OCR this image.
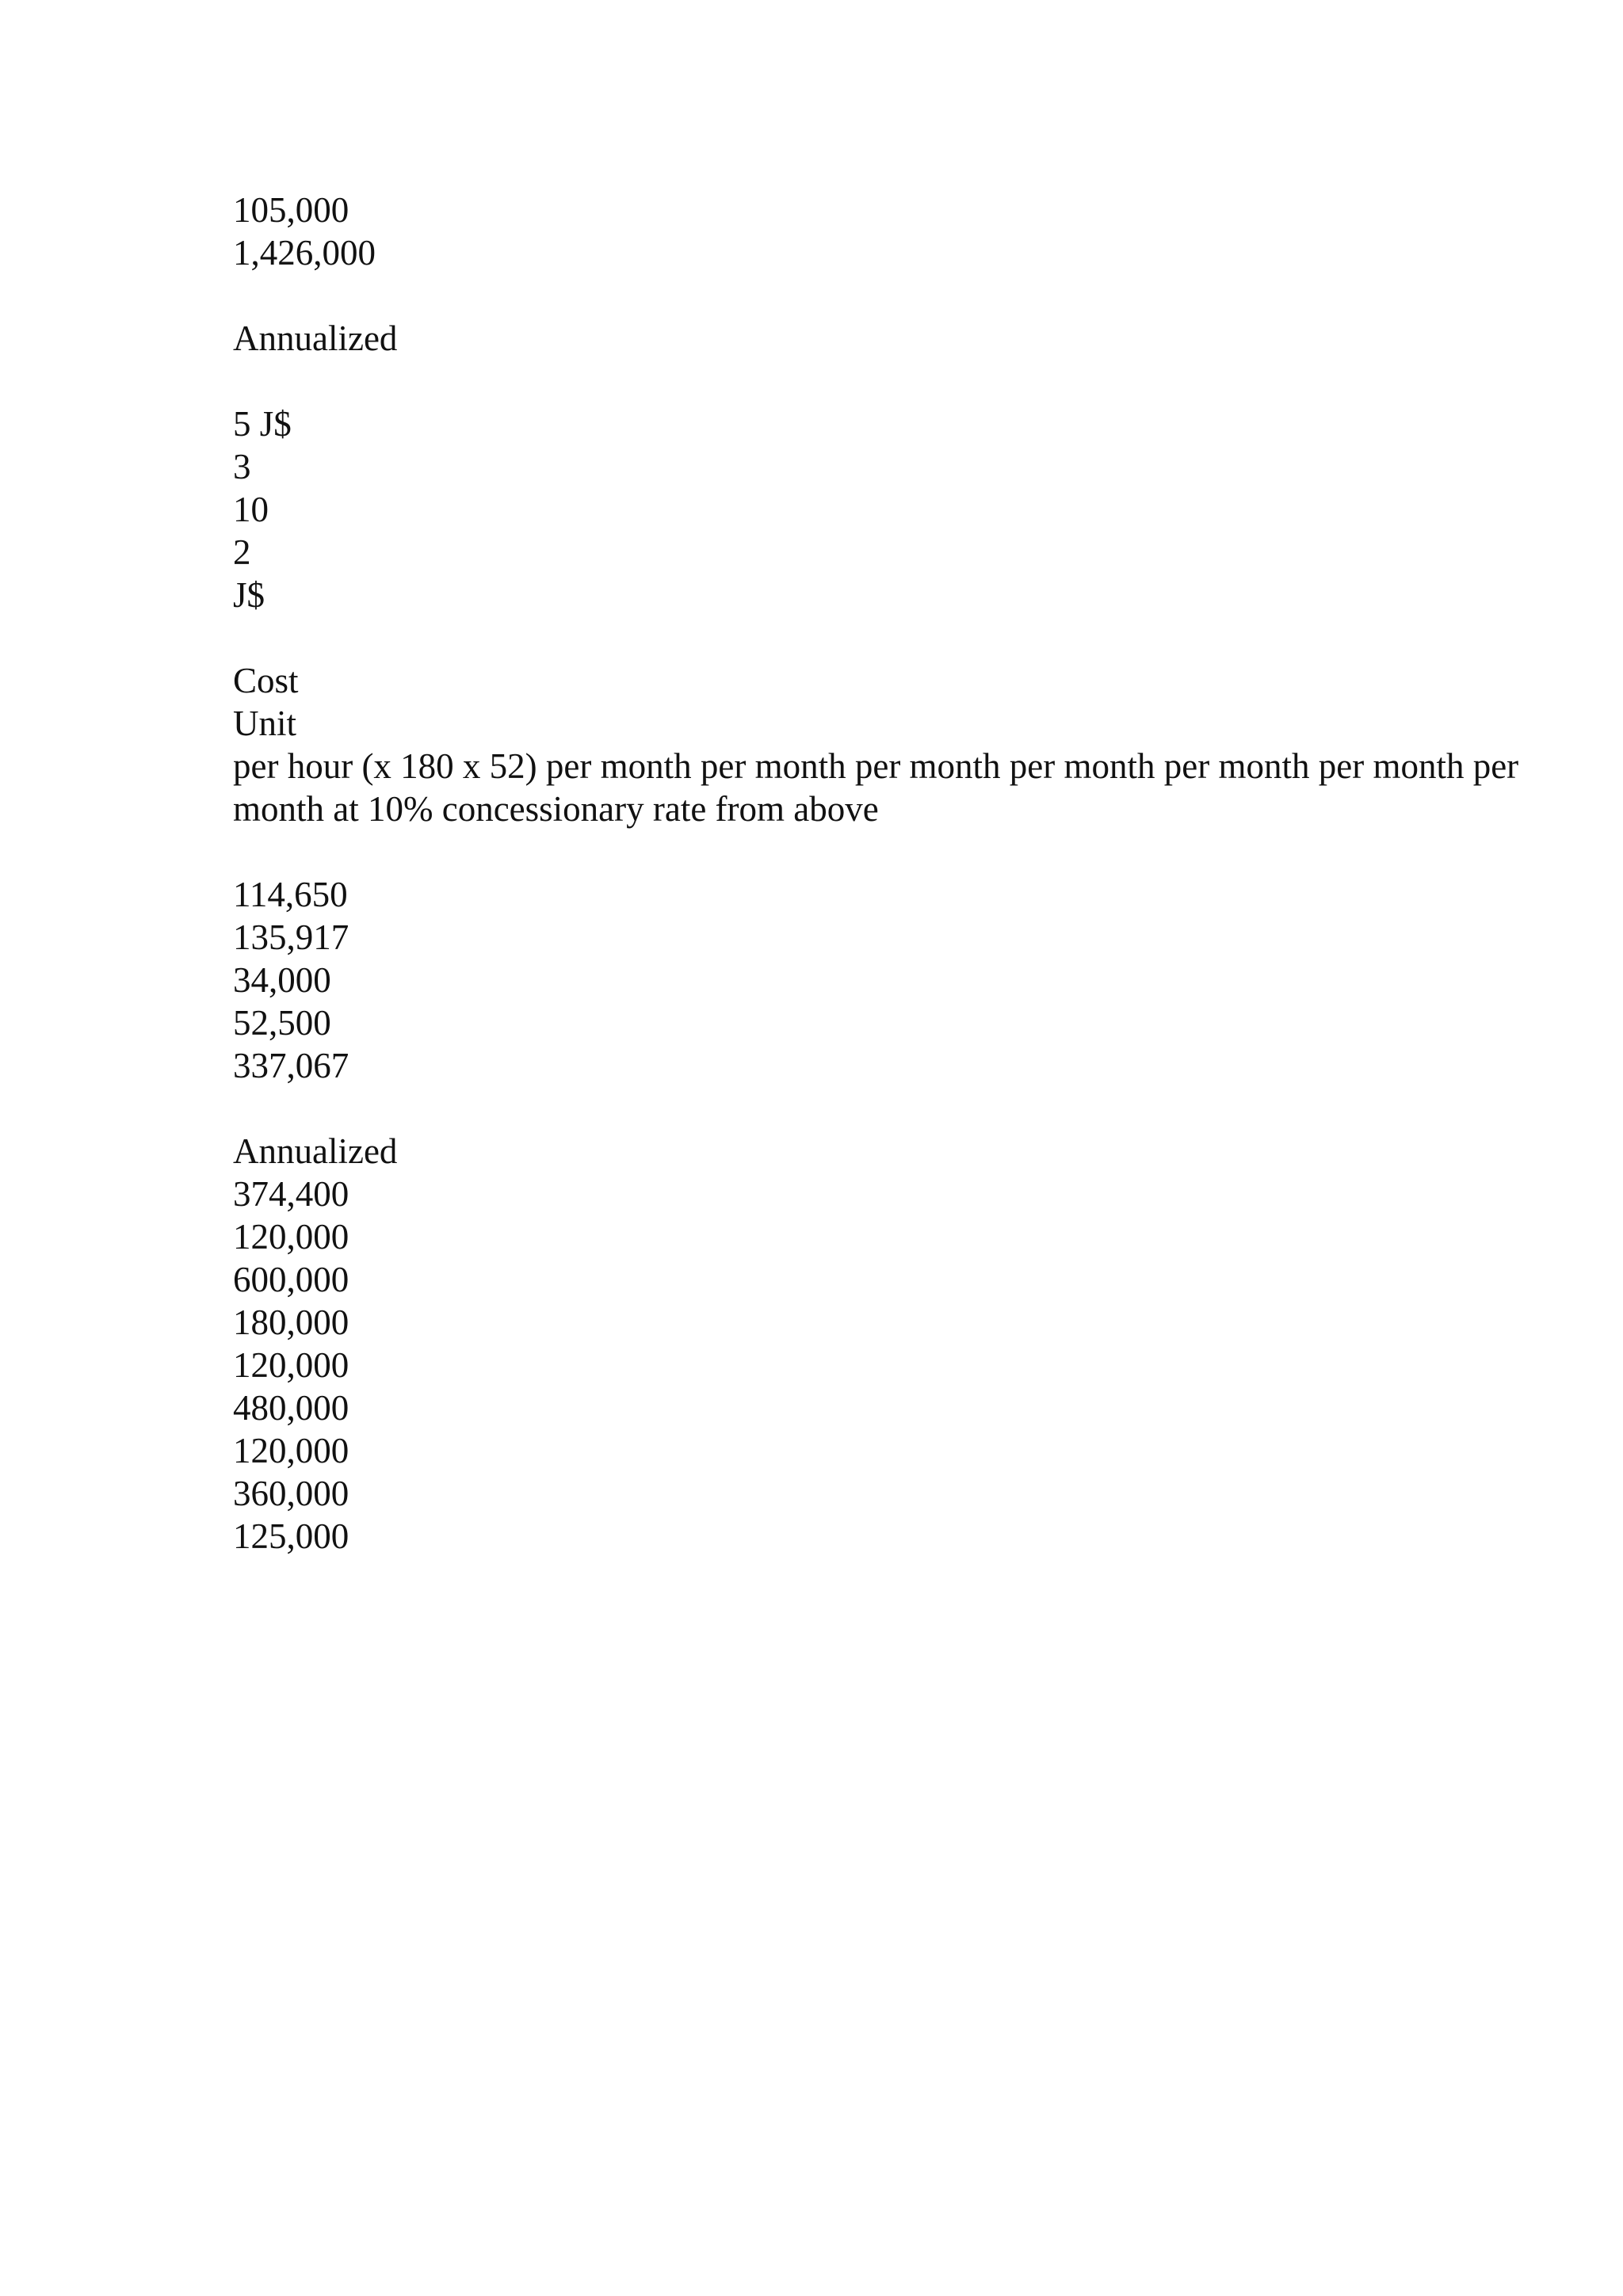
105,000
1,426,000
Annualized
5 J$
3
10
2
J$
Cost
Unit
per hour (x 180 x 52) per month per month per month per month per month per month per month at 10% concessionary rate from above
114,650
135,917
34,000
52,500
337,067
Annualized
374,400
120,000
600,000
180,000
120,000
480,000
120,000
360,000
125,000
